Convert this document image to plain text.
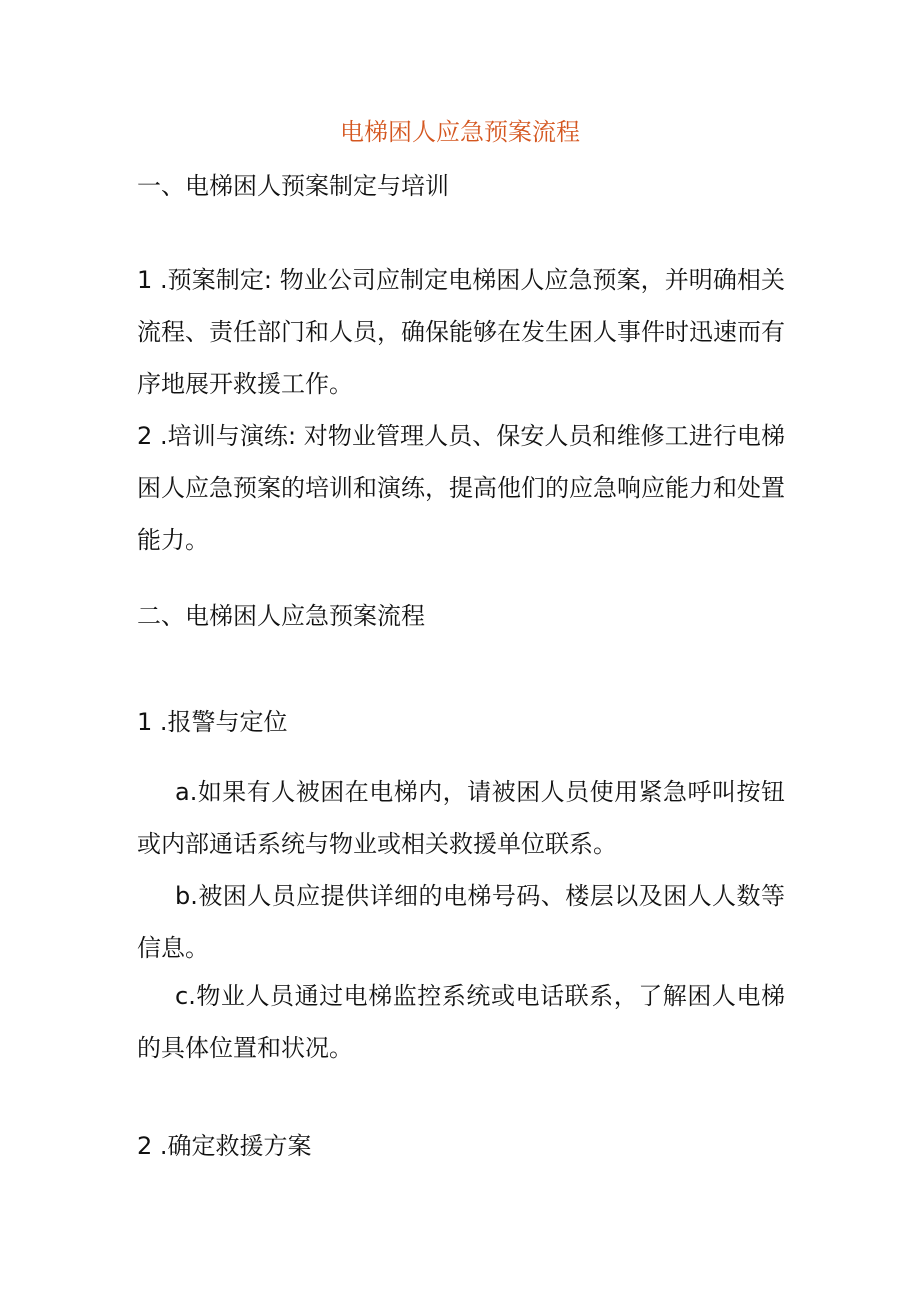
电梯困人应急预案流程
一、电梯困人预案制定与培训
1 .预案制定: 物业公司应制定电梯困人应急预案，并明确相关流程、责任部门和人员，确保能够在发生困人事件时迅速而有序地展开救援工作。
2 .培训与演练: 对物业管理人员、保安人员和维修工进行电梯困人应急预案的培训和演练，提高他们的应急响应能力和处置能力。
二、电梯困人应急预案流程
1 .报警与定位
a.如果有人被困在电梯内，请被困人员使用紧急呼叫按钮或内部通话系统与物业或相关救援单位联系。
b.被困人员应提供详细的电梯号码、楼层以及困人人数等信息。
c.物业人员通过电梯监控系统或电话联系，了解困人电梯的具体位置和状况。
2 .确定救援方案
